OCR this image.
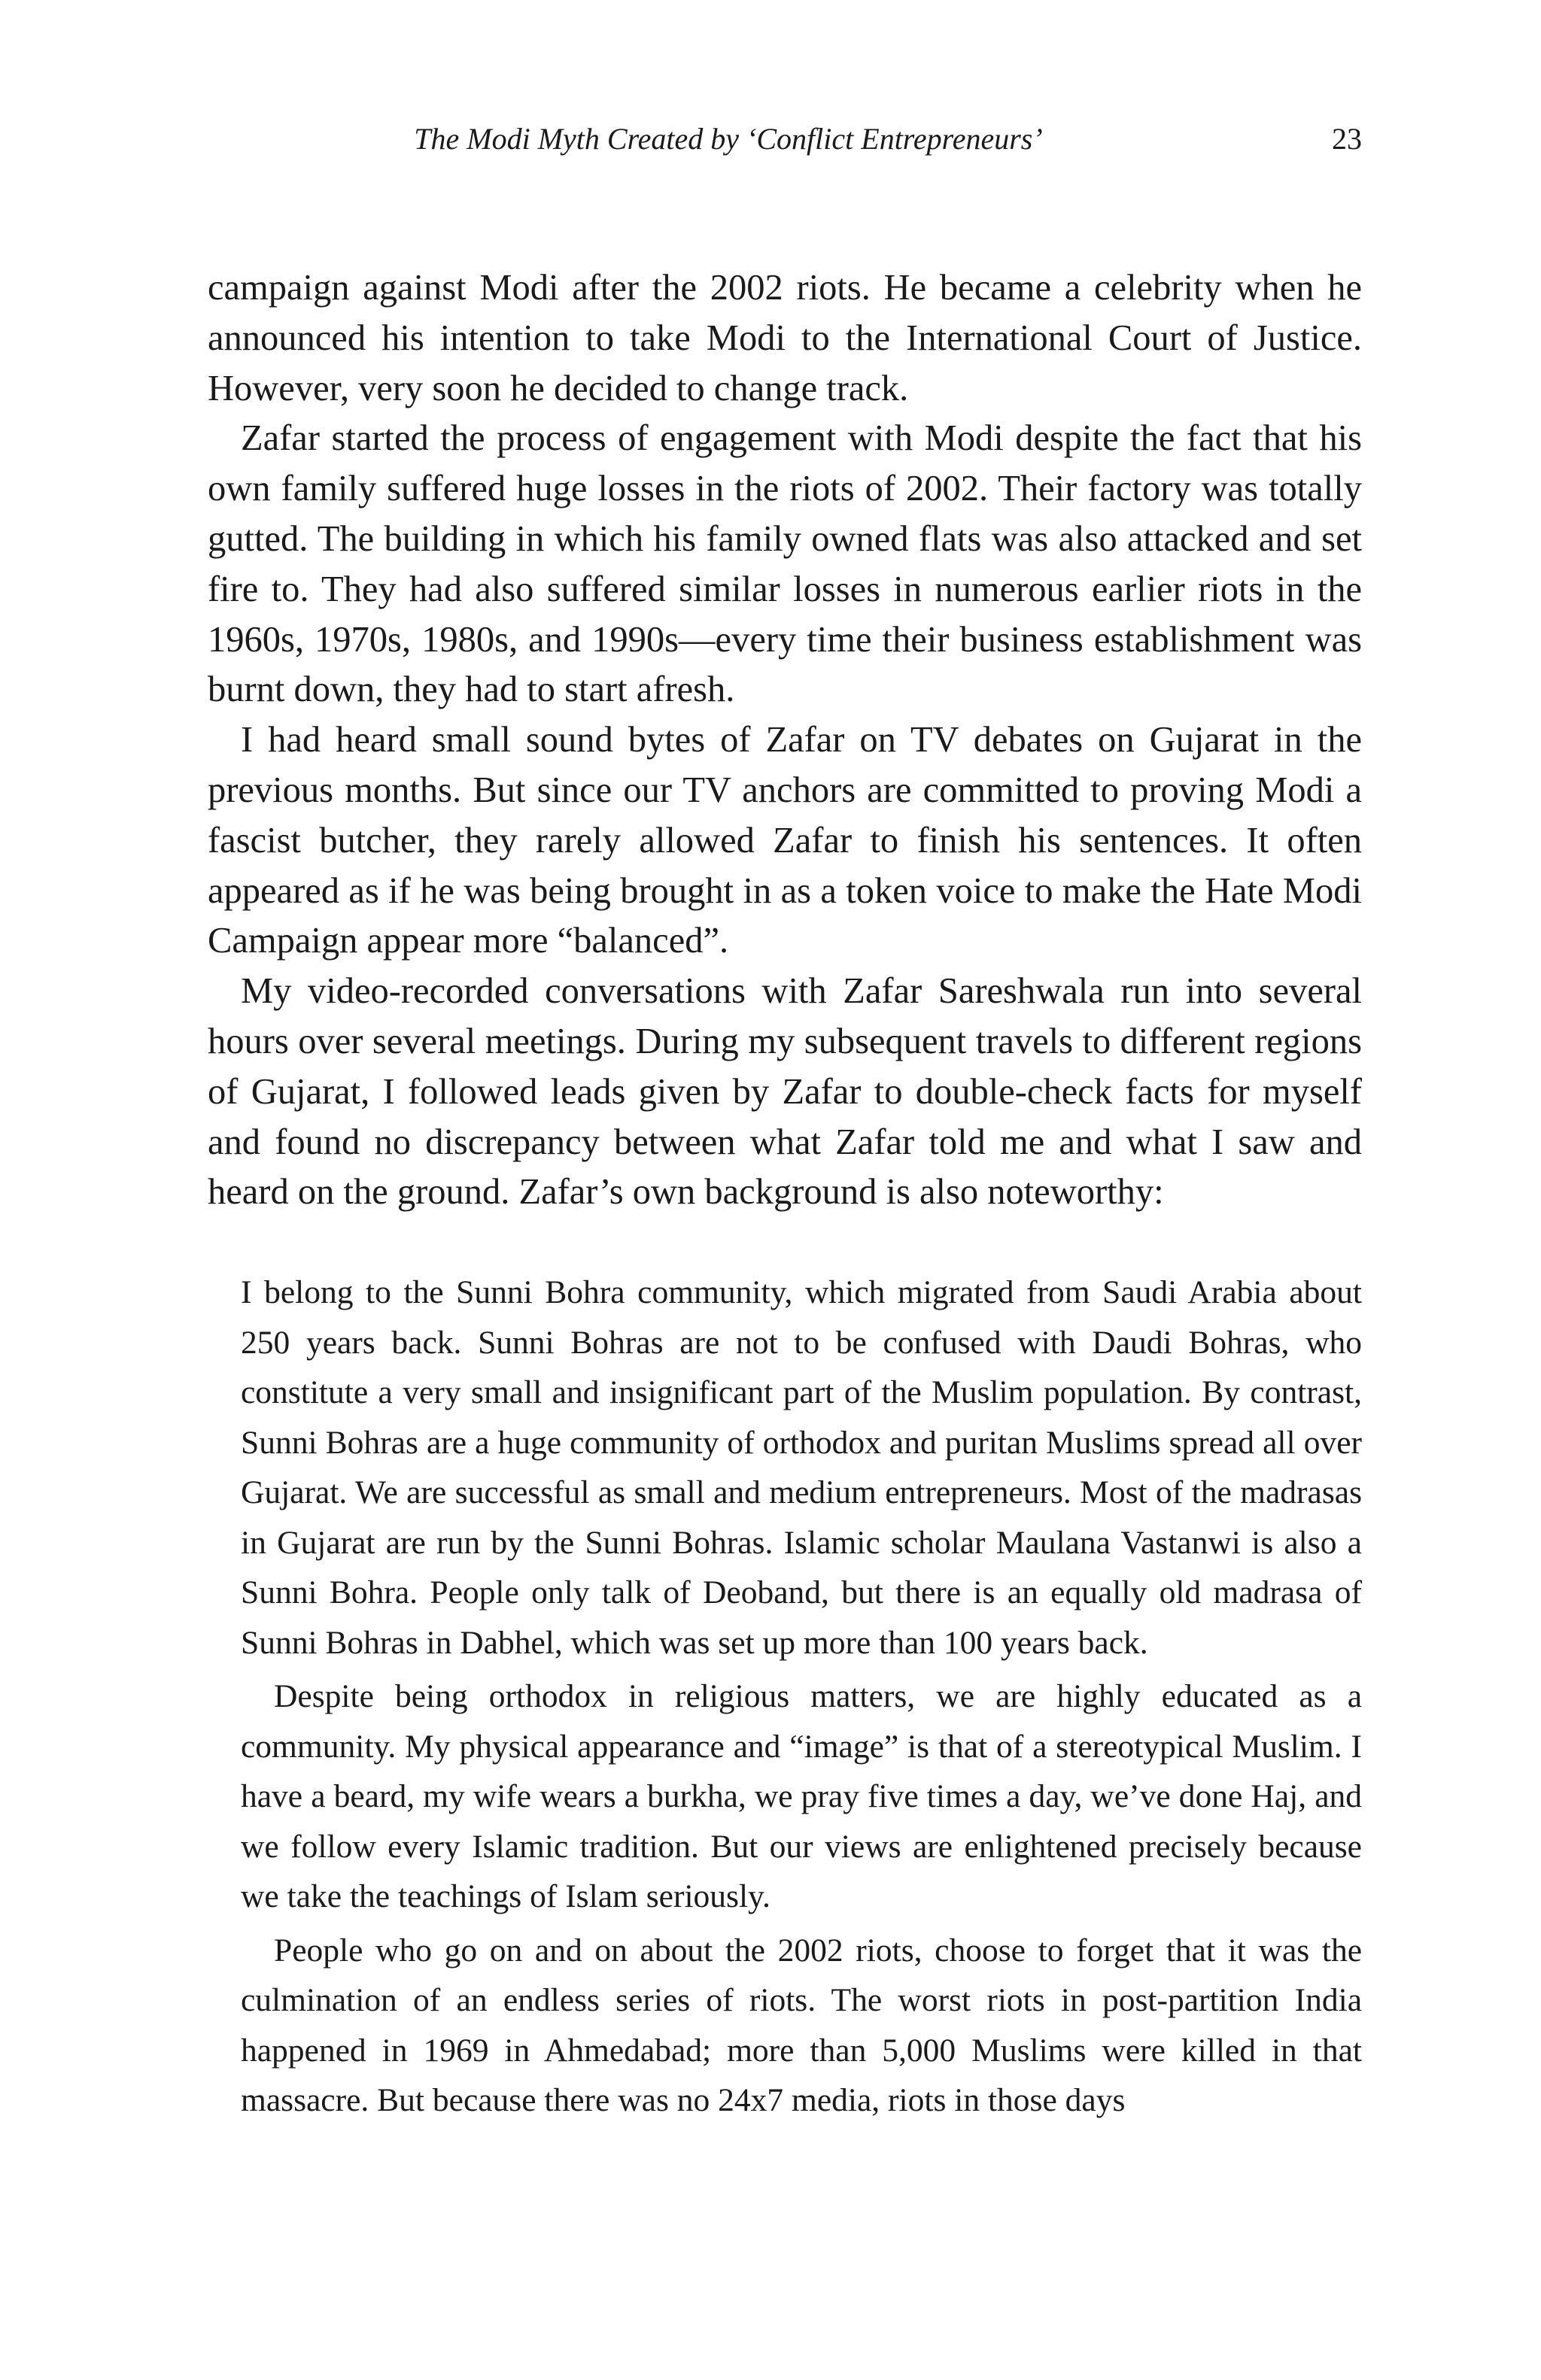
The Modi Myth Created by ‘Conflict Entrepreneurs’	23

campaign against Modi after the 2002 riots. He became a celebrity when he announced his intention to take Modi to the International Court of Justice. However, very soon he decided to change track.

Zafar started the process of engagement with Modi despite the fact that his own family suffered huge losses in the riots of 2002. Their factory was totally gutted. The building in which his family owned flats was also attacked and set fire to. They had also suffered similar losses in numerous earlier riots in the 1960s, 1970s, 1980s, and 1990s—every time their business establishment was burnt down, they had to start afresh.

I had heard small sound bytes of Zafar on TV debates on Gujarat in the previous months. But since our TV anchors are committed to proving Modi a fascist butcher, they rarely allowed Zafar to finish his sentences. It often appeared as if he was being brought in as a token voice to make the Hate Modi Campaign appear more “balanced”.

My video-recorded conversations with Zafar Sareshwala run into several hours over several meetings. During my subsequent travels to different regions of Gujarat, I followed leads given by Zafar to double-check facts for myself and found no discrepancy between what Zafar told me and what I saw and heard on the ground. Zafar’s own background is also noteworthy:

I belong to the Sunni Bohra community, which migrated from Saudi Arabia about 250 years back. Sunni Bohras are not to be confused with Daudi Bohras, who constitute a very small and insignificant part of the Muslim population. By contrast, Sunni Bohras are a huge community of orthodox and puritan Muslims spread all over Gujarat. We are successful as small and medium entrepreneurs. Most of the madrasas in Gujarat are run by the Sunni Bohras. Islamic scholar Maulana Vastanwi is also a Sunni Bohra. People only talk of Deoband, but there is an equally old madrasa of Sunni Bohras in Dabhel, which was set up more than 100 years back.

Despite being orthodox in religious matters, we are highly educated as a community. My physical appearance and “image” is that of a stereotypical Muslim. I have a beard, my wife wears a burkha, we pray five times a day, we’ve done Haj, and we follow every Islamic tradition. But our views are enlightened precisely because we take the teachings of Islam seriously.

People who go on and on about the 2002 riots, choose to forget that it was the culmination of an endless series of riots. The worst riots in post-partition India happened in 1969 in Ahmedabad; more than 5,000 Muslims were killed in that massacre. But because there was no 24x7 media, riots in those days
